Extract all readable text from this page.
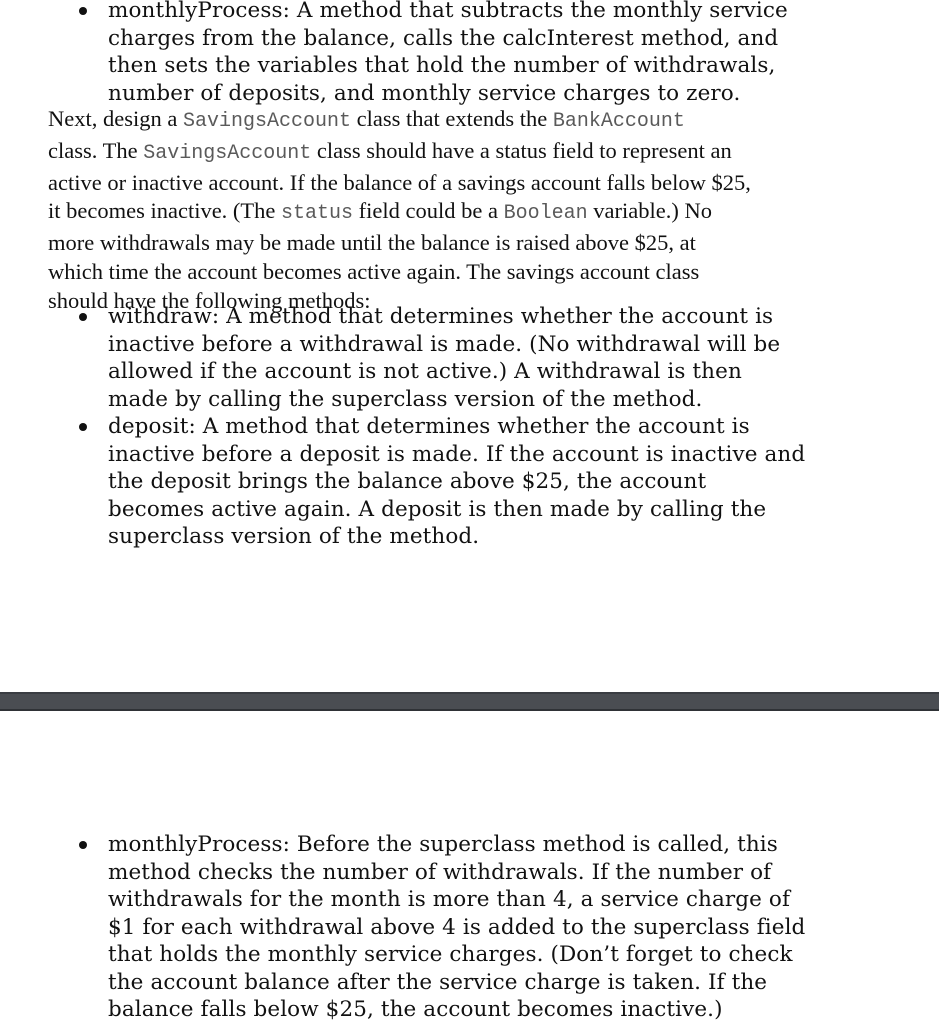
monthlyProcess: A method that subtracts the monthly service
charges from the balance, calls the calcInterest method, and
then sets the variables that hold the number of withdrawals,
number of deposits, and monthly service charges to zero.

Next, design a SavingsAccount class that extends the BankAccount
class. The SavingsAccount class should have a status field to represent an
active or inactive account. If the balance of a savings account falls below $25,
it becomes inactive. (The status field could be a Boolean variable.) No
more withdrawals may be made until the balance is raised above $25, at
which time the account becomes active again. The savings account class
should have the following methods:

withdraw: A method that determines whether the account is
inactive before a withdrawal is made. (No withdrawal will be
allowed if the account is not active.) A withdrawal is then
made by calling the superclass version of the method.

deposit: A method that determines whether the account is
inactive before a deposit is made. If the account is inactive and
the deposit brings the balance above $25, the account
becomes active again. A deposit is then made by calling the
superclass version of the method.

monthlyProcess: Before the superclass method is called, this
method checks the number of withdrawals. If the number of
withdrawals for the month is more than 4, a service charge of
$1 for each withdrawal above 4 is added to the superclass field
that holds the monthly service charges. (Don’t forget to check
the account balance after the service charge is taken. If the
balance falls below $25, the account becomes inactive.)
